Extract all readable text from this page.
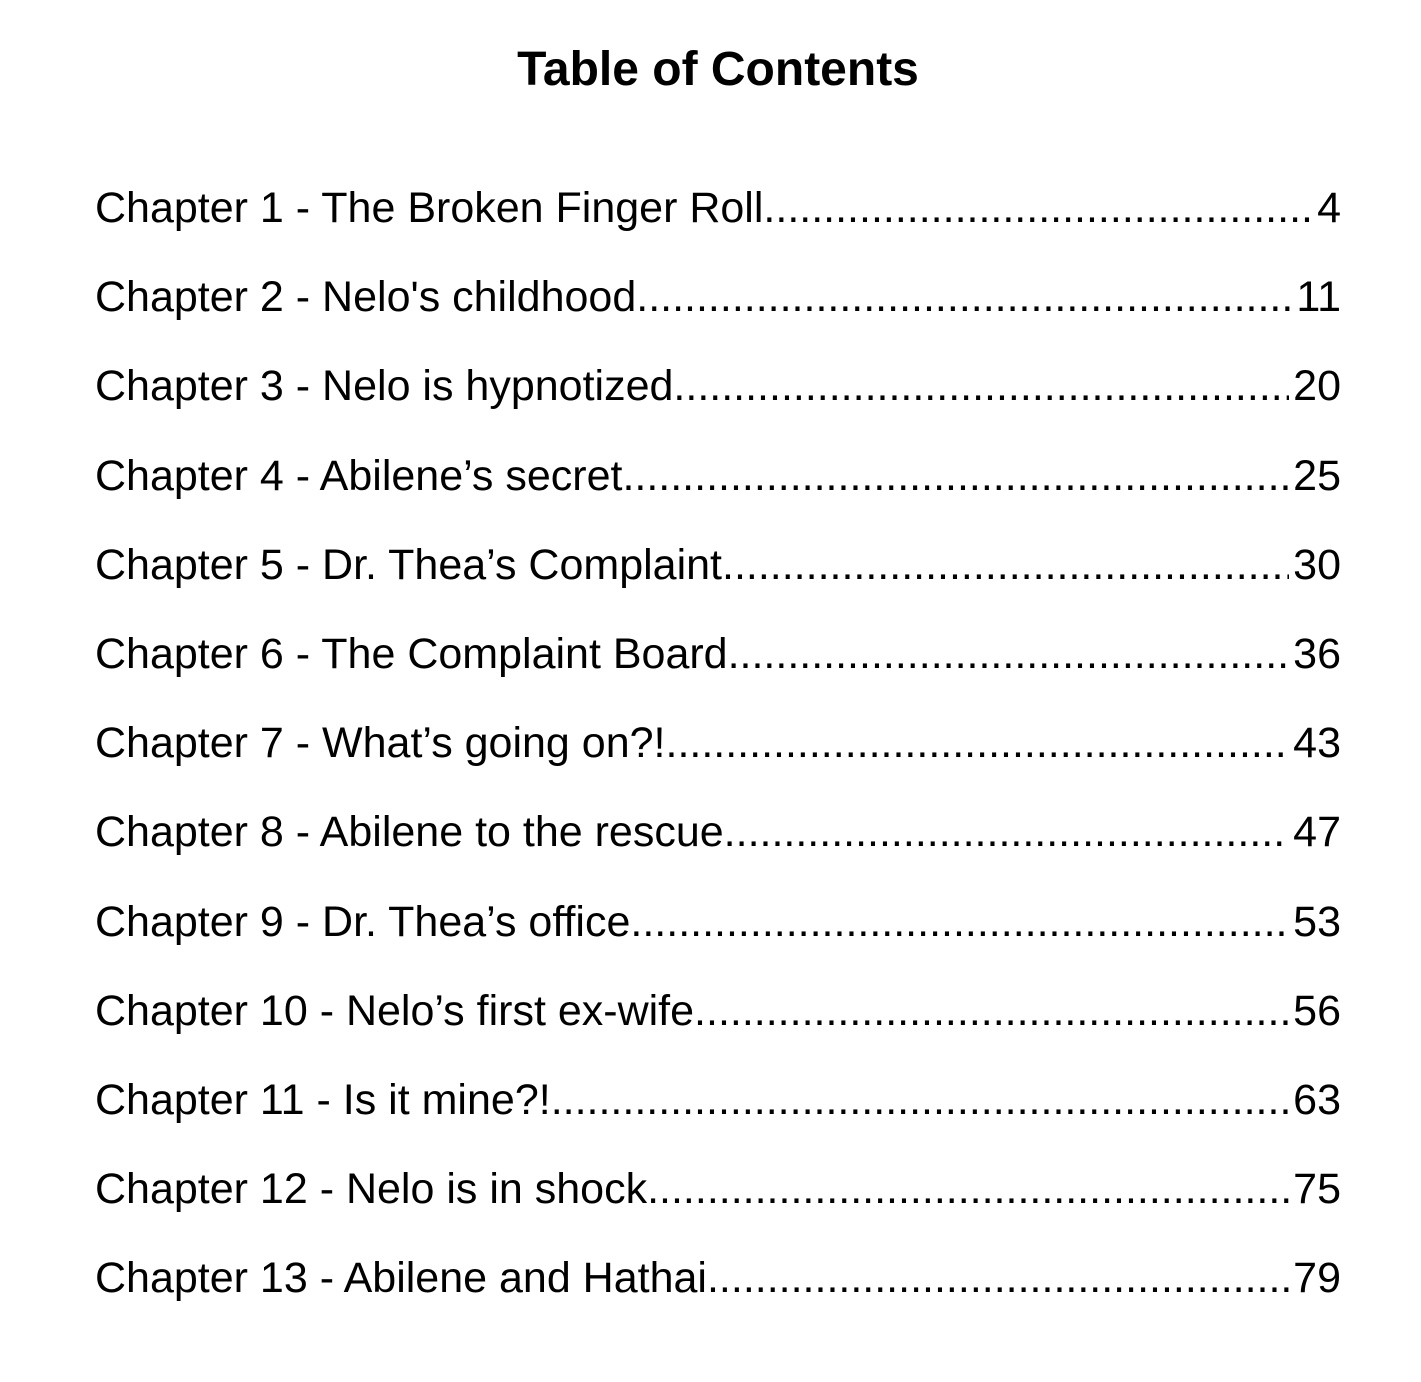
Table of Contents
Chapter 1 - The Broken Finger Roll .....	4
Chapter 2 - Nelo's childhood .....	11
Chapter 3 - Nelo is hypnotized .....	20
Chapter 4 - Abilene’s secret .....	25
Chapter 5 - Dr. Thea’s Complaint .....	30
Chapter 6 - The Complaint Board .....	36
Chapter 7 - What’s going on?! .....	43
Chapter 8 - Abilene to the rescue .....	47
Chapter 9 - Dr. Thea’s office .....	53
Chapter 10 - Nelo’s first ex-wife .....	56
Chapter 11 - Is it mine?! .....	63
Chapter 12 - Nelo is in shock .....	75
Chapter 13 - Abilene and Hathai .....	79
